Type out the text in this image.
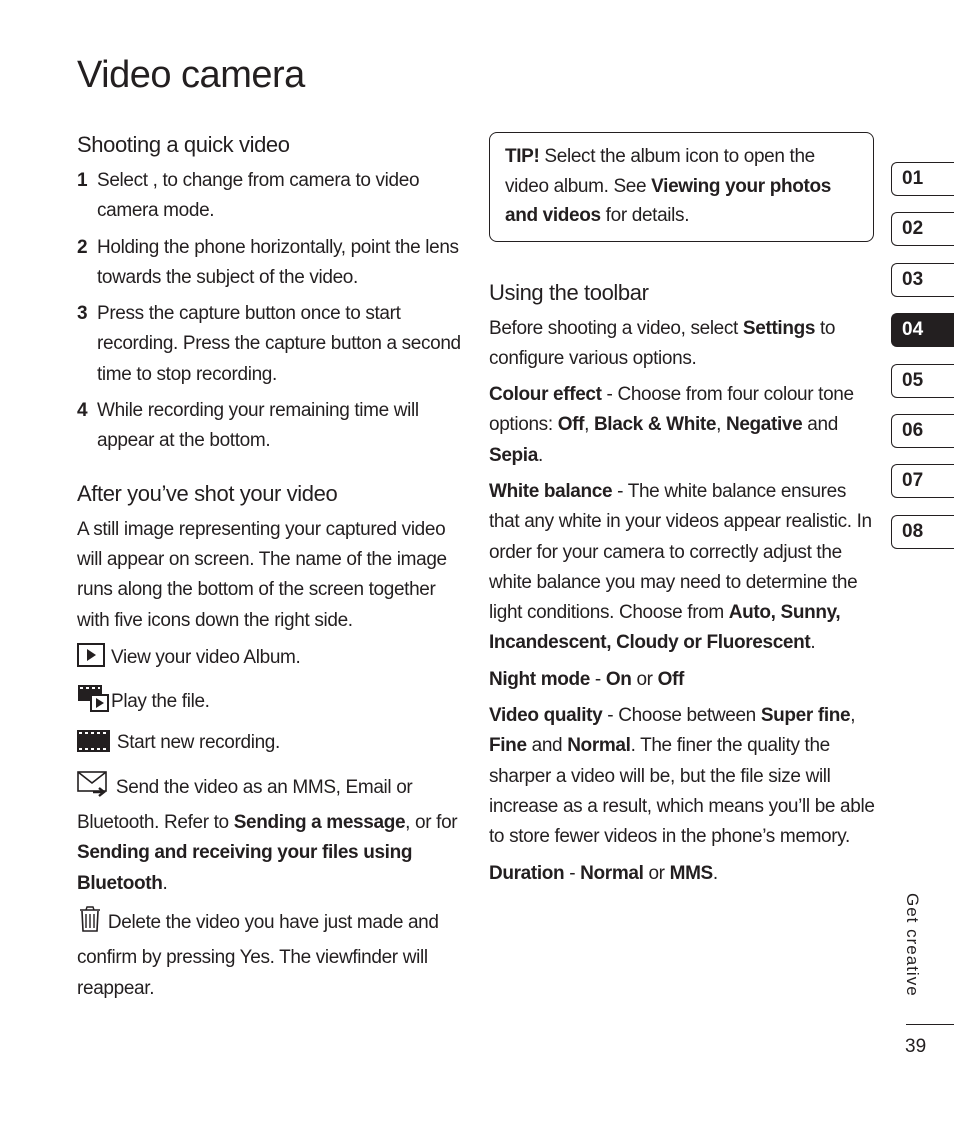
Video camera
Shooting a quick video
1 Select , to change from camera to video camera mode.
2 Holding the phone horizontally, point the lens towards the subject of the video.
3 Press the capture button once to start recording. Press the capture button a second time to stop recording.
4 While recording your remaining time will appear at the bottom.
After you’ve shot your video

A still image representing your captured video will appear on screen. The name of the image runs along the bottom of the screen together with five icons down the right side.

View your video Album.
Play the file.
Start new recording.

Send the video as an MMS, Email or Bluetooth. Refer to Sending a message, or for Sending and receiving your files using Bluetooth.

Delete the video you have just made and confirm by pressing Yes. The viewfinder will reappear.

TIP! Select the album icon to open the video album. See Viewing your photos and videos for details.
Using the toolbar

Before shooting a video, select Settings to configure various options.

Colour effect - Choose from four colour tone options: Off, Black & White, Negative and Sepia.

White balance - The white balance ensures that any white in your videos appear realistic. In order for your camera to correctly adjust the white balance you may need to determine the light conditions. Choose from Auto, Sunny, Incandescent, Cloudy or Fluorescent.

Night mode - On or Off

Video quality - Choose between Super fine, Fine and Normal. The finer the quality the sharper a video will be, but the file size will increase as a result, which means you’ll be able to store fewer videos in the phone’s memory.

Duration - Normal or MMS.

01
02
03
04
05
06
07
08
Get creative
39
